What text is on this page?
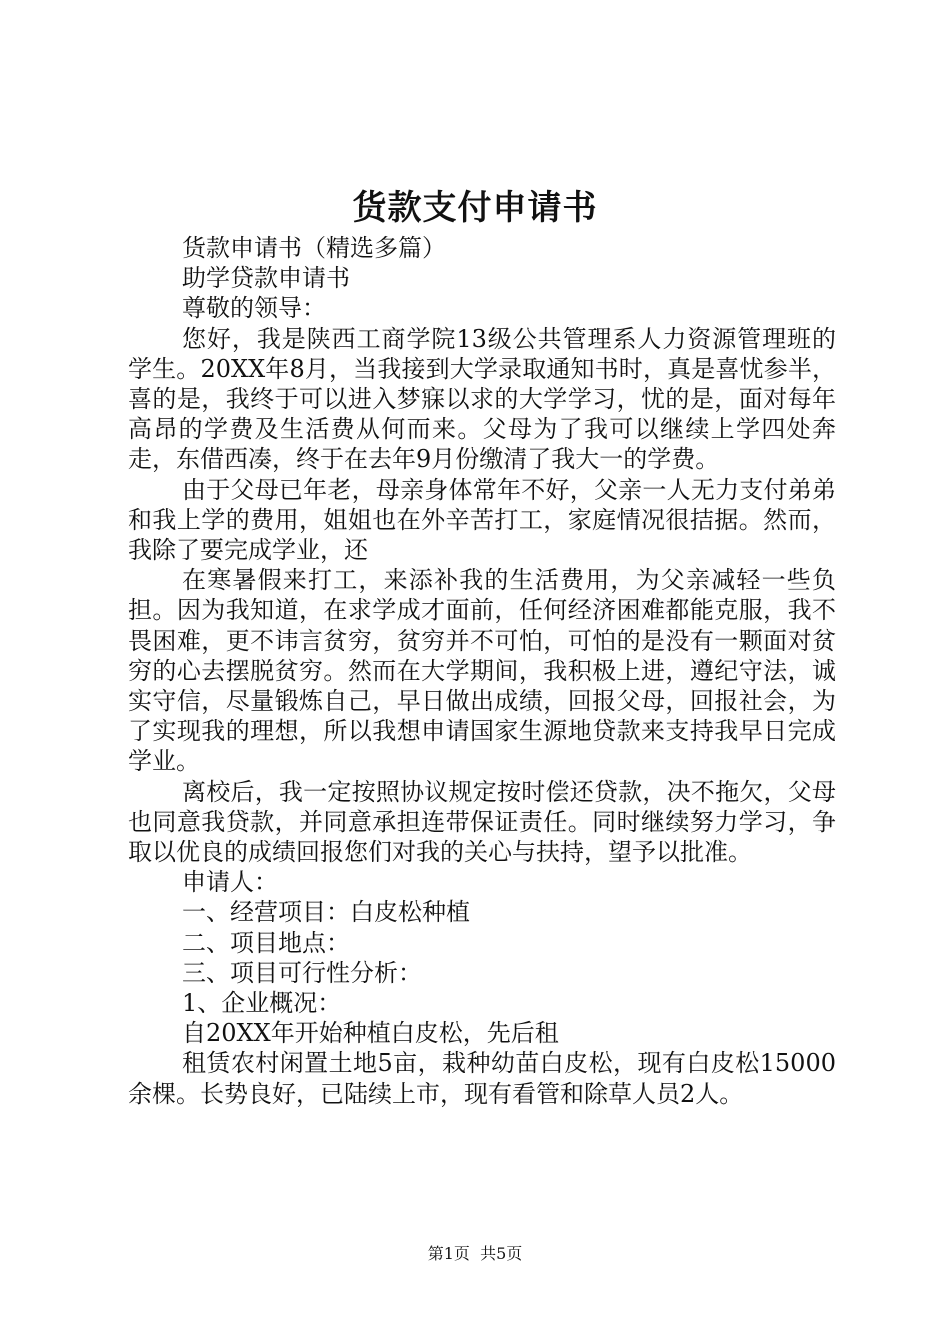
货款支付申请书

货款申请书（精选多篇）

助学贷款申请书

尊敬的领导：

您好，我是陕西工商学院13级公共管理系人力资源管理班的学生。20XX年8月，当我接到大学录取通知书时，真是喜忧参半，喜的是，我终于可以进入梦寐以求的大学学习，忧的是，面对每年高昂的学费及生活费从何而来。父母为了我可以继续上学四处奔走，东借西凑，终于在去年9月份缴清了我大一的学费。

由于父母已年老，母亲身体常年不好，父亲一人无力支付弟弟和我上学的费用，姐姐也在外辛苦打工，家庭情况很拮据。然而，我除了要完成学业，还

在寒暑假来打工，来添补我的生活费用，为父亲减轻一些负担。因为我知道，在求学成才面前，任何经济困难都能克服，我不畏困难，更不讳言贫穷，贫穷并不可怕，可怕的是没有一颗面对贫穷的心去摆脱贫穷。然而在大学期间，我积极上进，遵纪守法，诚实守信，尽量锻炼自己，早日做出成绩，回报父母，回报社会，为了实现我的理想，所以我想申请国家生源地贷款来支持我早日完成学业。

离校后，我一定按照协议规定按时偿还贷款，决不拖欠，父母也同意我贷款，并同意承担连带保证责任。同时继续努力学习，争取以优良的成绩回报您们对我的关心与扶持，望予以批准。

申请人：

一、经营项目：白皮松种植

二、项目地点：

三、项目可行性分析：

1、企业概况：

自20XX年开始种植白皮松，先后租

租赁农村闲置土地5亩，栽种幼苗白皮松，现有白皮松15000余棵。长势良好，已陆续上市，现有看管和除草人员2人。

第1页 共5页
